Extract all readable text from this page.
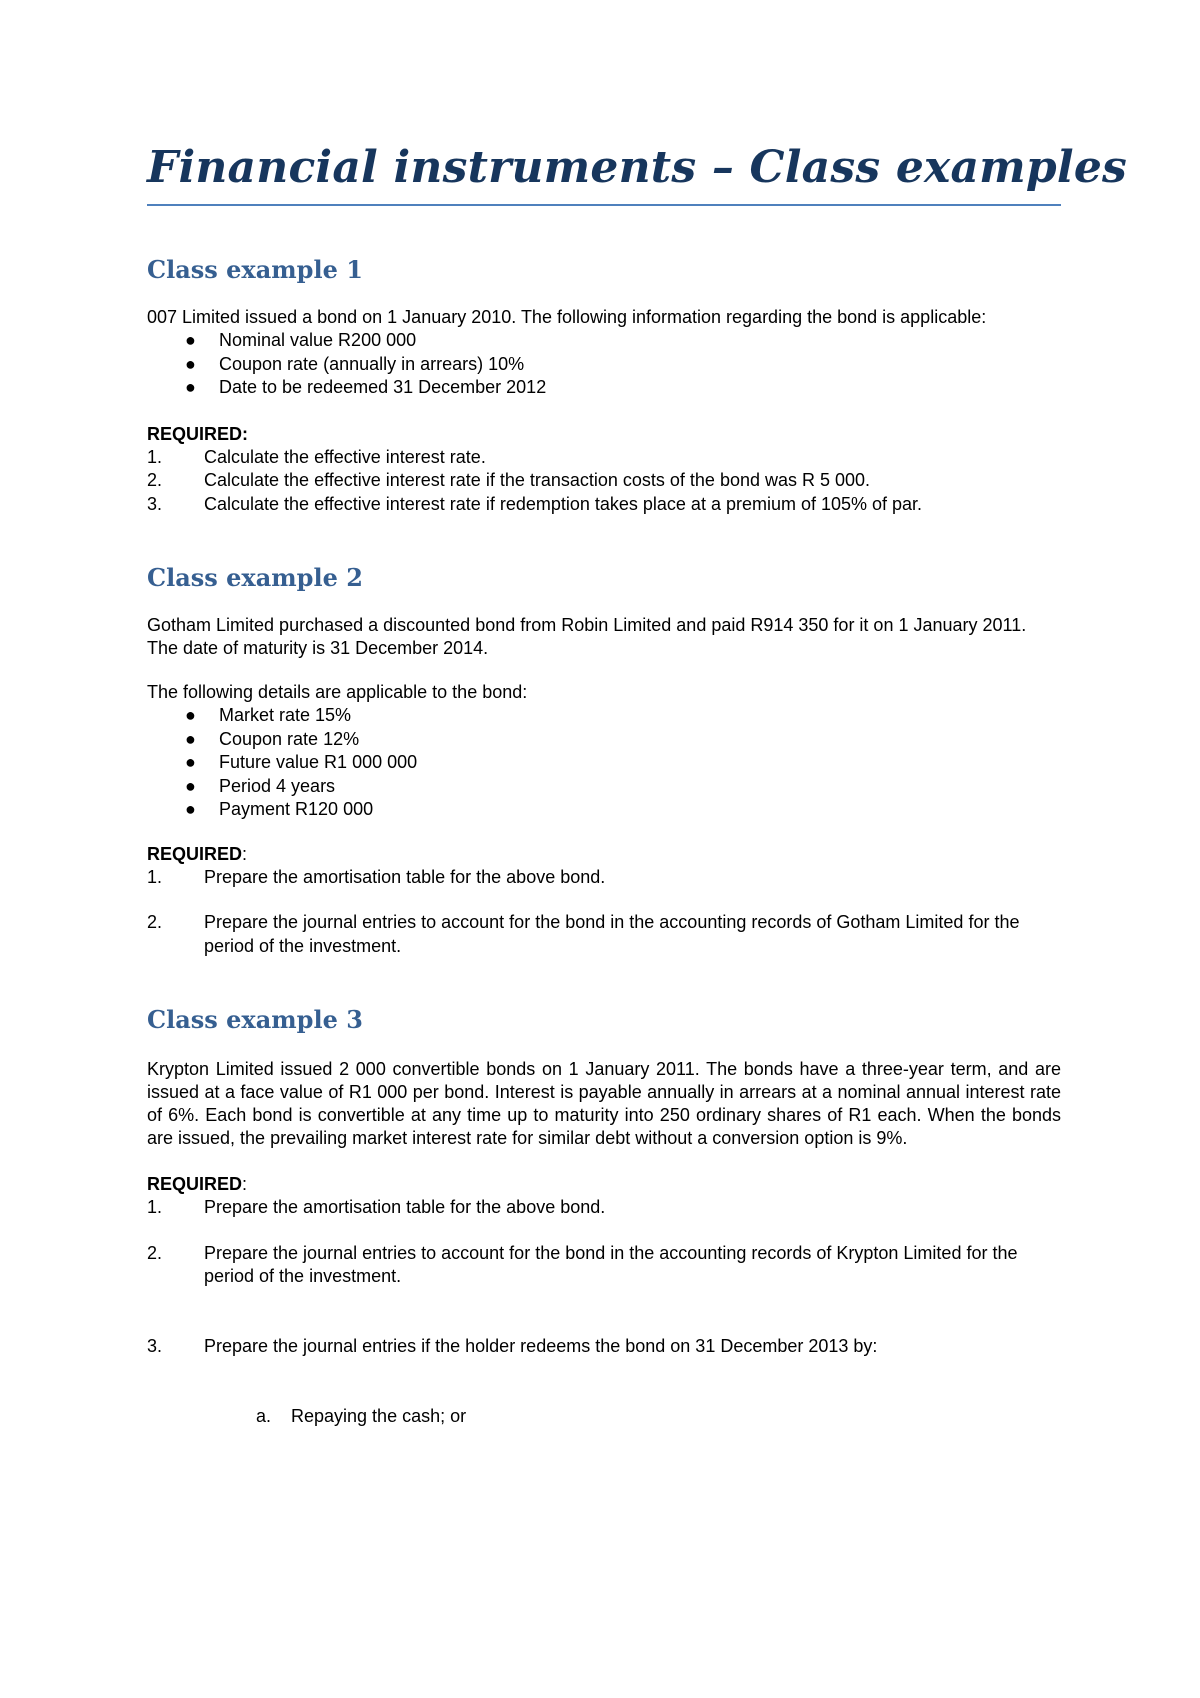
Financial instruments – Class examples
Class example 1

007 Limited issued a bond on 1 January 2010. The following information regarding the bond is applicable:

● Nominal value R200 000
● Coupon rate (annually in arrears) 10%
● Date to be redeemed 31 December 2012

REQUIRED:

1. Calculate the effective interest rate.
2. Calculate the effective interest rate if the transaction costs of the bond was R 5 000.
3. Calculate the effective interest rate if redemption takes place at a premium of 105% of par.
Class example 2

Gotham Limited purchased a discounted bond from Robin Limited and paid R914 350 for it on 1 January 2011. The date of maturity is 31 December 2014.

The following details are applicable to the bond:

● Market rate 15%
● Coupon rate 12%
● Future value R1 000 000
● Period 4 years
● Payment R120 000

REQUIRED:

1. Prepare the amortisation table for the above bond.
2. Prepare the journal entries to account for the bond in the accounting records of Gotham Limited for the period of the investment.
Class example 3

Krypton Limited issued 2 000 convertible bonds on 1 January 2011. The bonds have a three-year term, and are issued at a face value of R1 000 per bond. Interest is payable annually in arrears at a nominal annual interest rate of 6%. Each bond is convertible at any time up to maturity into 250 ordinary shares of R1 each. When the bonds are issued, the prevailing market interest rate for similar debt without a conversion option is 9%.

REQUIRED:

1. Prepare the amortisation table for the above bond.
2. Prepare the journal entries to account for the bond in the accounting records of Krypton Limited for the period of the investment.
3. Prepare the journal entries if the holder redeems the bond on 31 December 2013 by:
a. Repaying the cash; or
